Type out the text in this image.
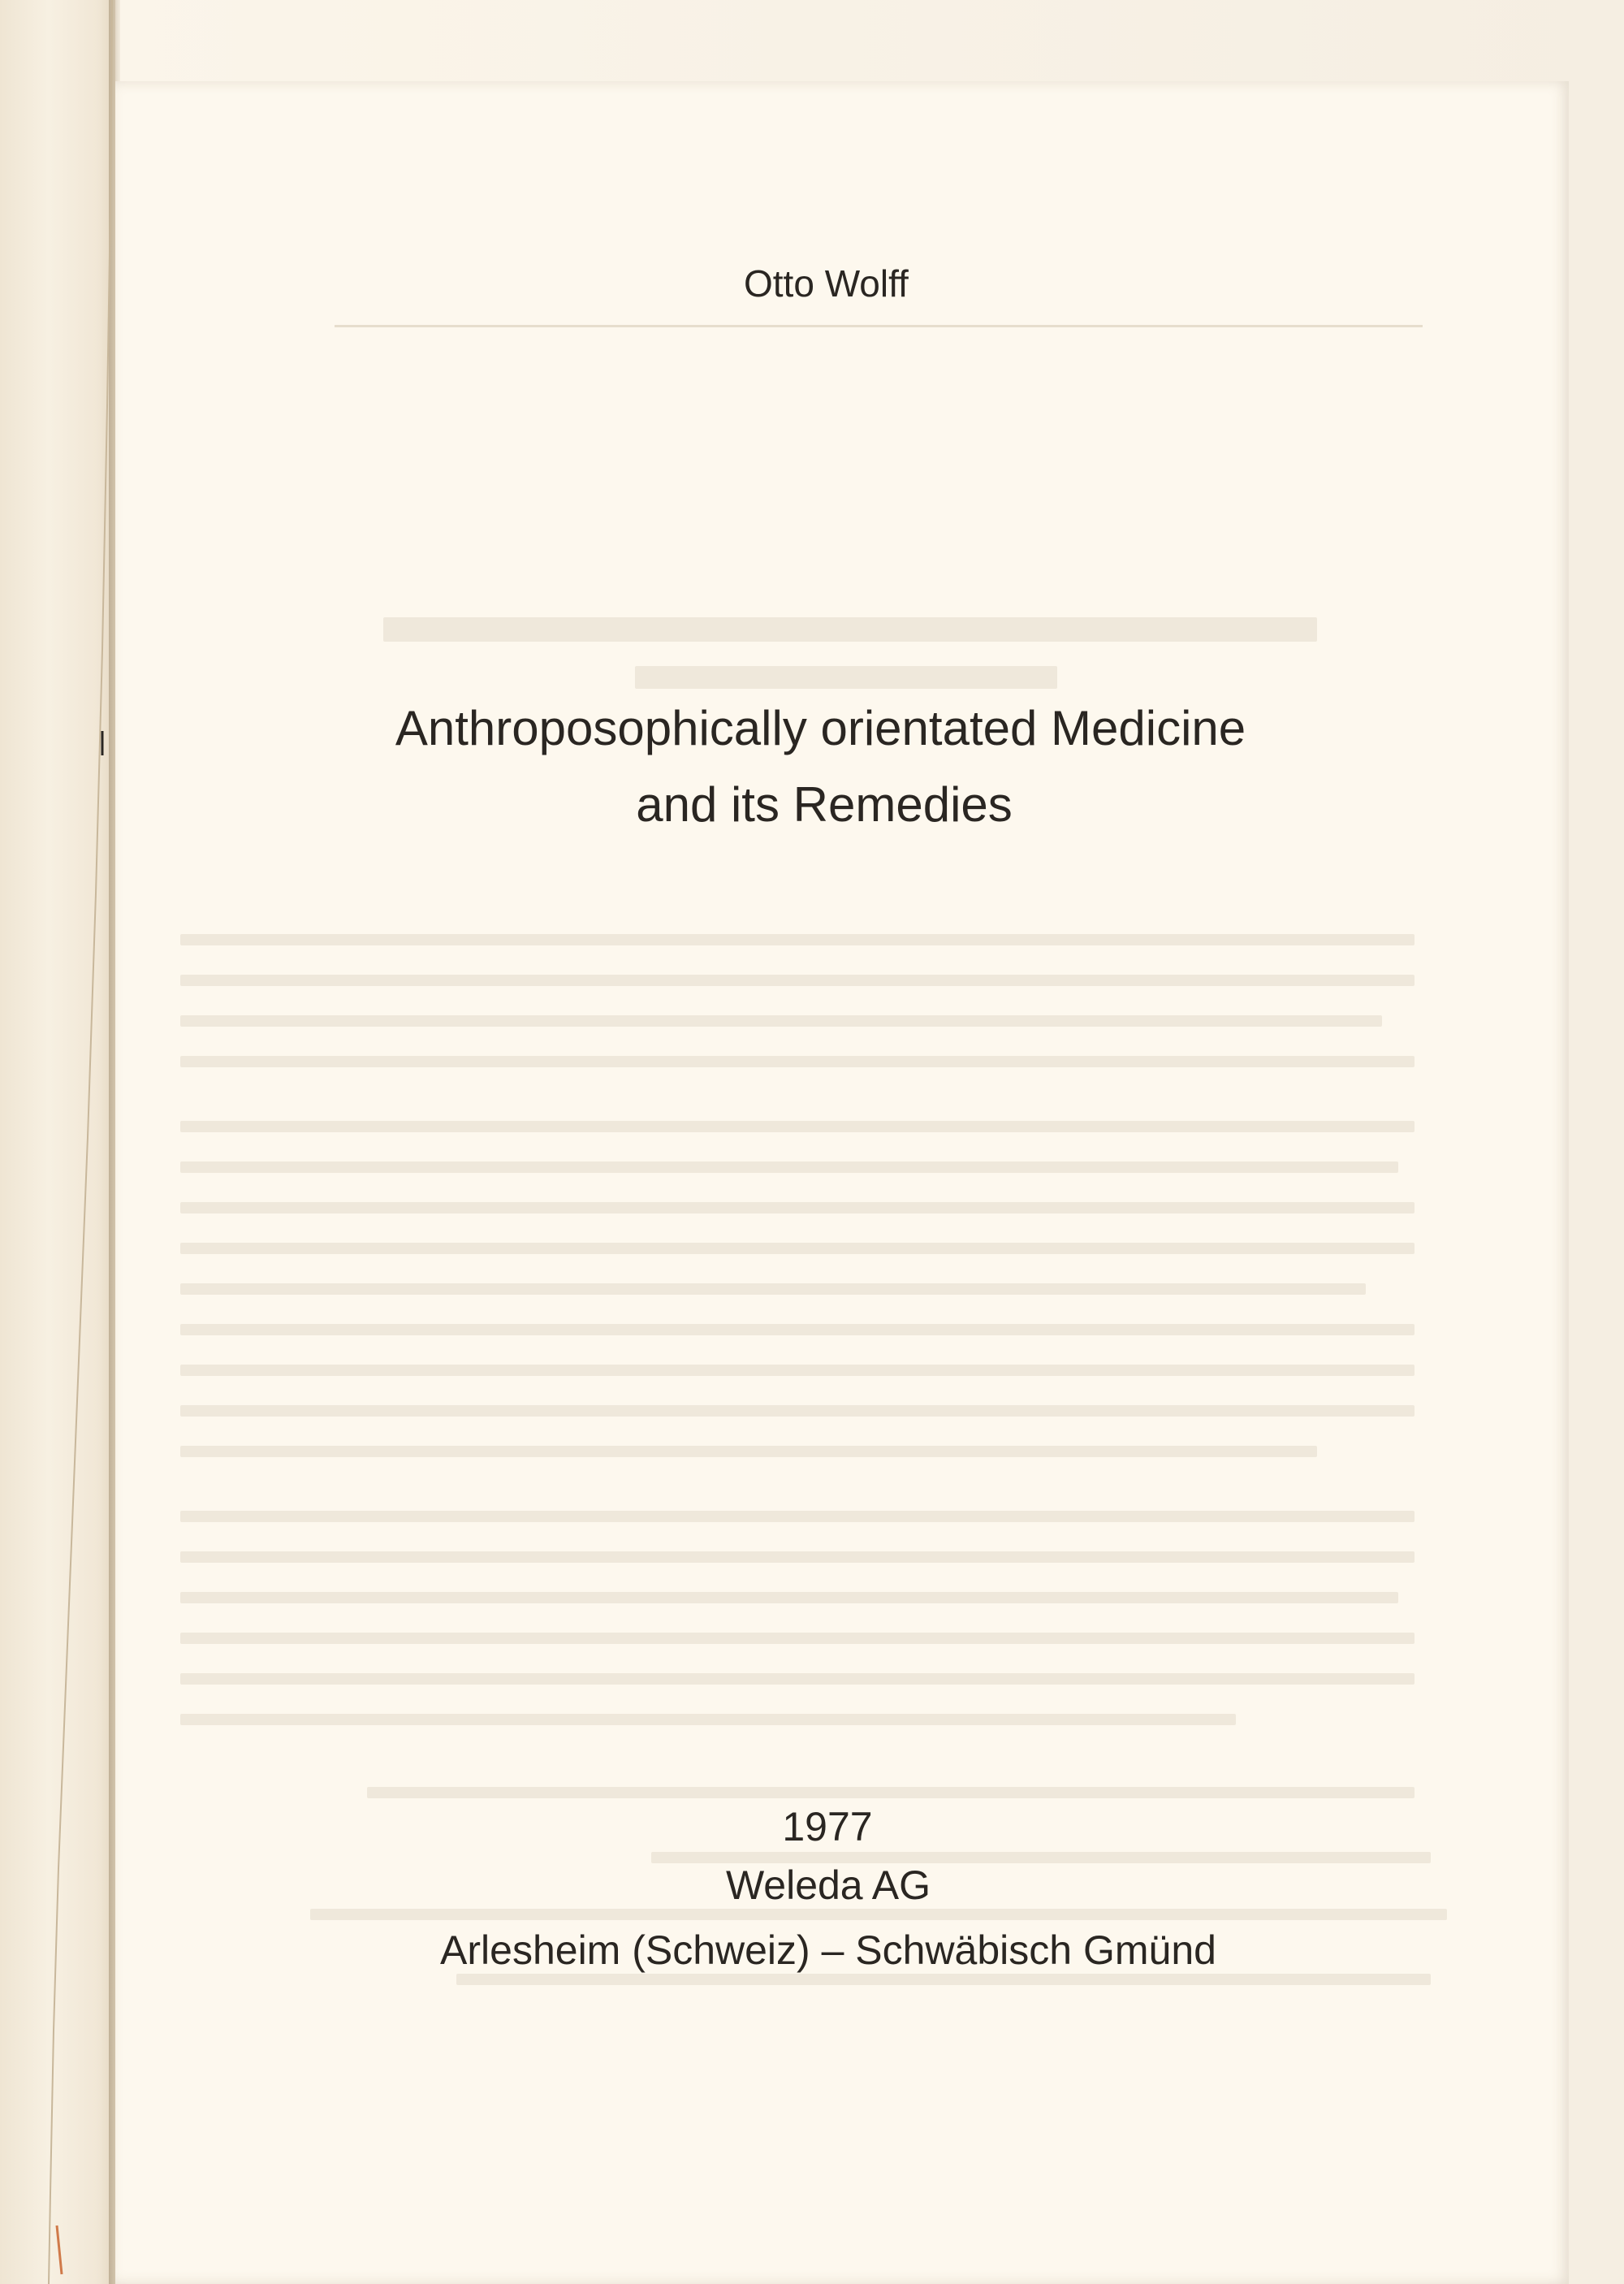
Otto Wolff
Anthroposophically orientated Medicine
and its Remedies
1977
Weleda AG
Arlesheim (Schweiz) – Schwäbisch Gmünd
